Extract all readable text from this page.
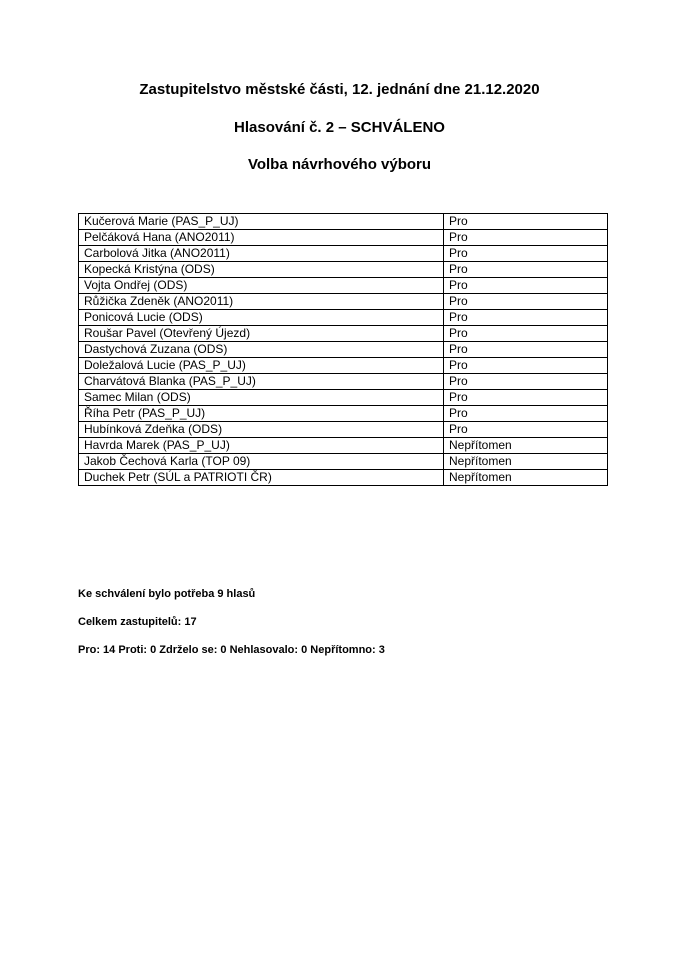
Zastupitelstvo městské části, 12. jednání dne 21.12.2020
Hlasování č. 2 – SCHVÁLENO
Volba návrhového výboru
Kučerová Marie (PAS_P_UJ)	Pro
Pelčáková Hana (ANO2011)	Pro
Carbolová Jitka (ANO2011)	Pro
Kopecká Kristýna (ODS)	Pro
Vojta Ondřej (ODS)	Pro
Růžička Zdeněk (ANO2011)	Pro
Ponicová Lucie (ODS)	Pro
Roušar Pavel (Otevřený Újezd)	Pro
Dastychová Zuzana (ODS)	Pro
Doležalová Lucie (PAS_P_UJ)	Pro
Charvátová Blanka (PAS_P_UJ)	Pro
Samec Milan (ODS)	Pro
Říha Petr (PAS_P_UJ)	Pro
Hubínková Zdeňka (ODS)	Pro
Havrda Marek (PAS_P_UJ)	Nepřítomen
Jakob Čechová Karla (TOP 09)	Nepřítomen
Duchek Petr (SÚL a PATRIOTI ČR)	Nepřítomen
Ke schválení bylo potřeba 9 hlasů
Celkem zastupitelů: 17
Pro: 14 Proti: 0 Zdrželo se: 0 Nehlasovalo: 0 Nepřítomno: 3
